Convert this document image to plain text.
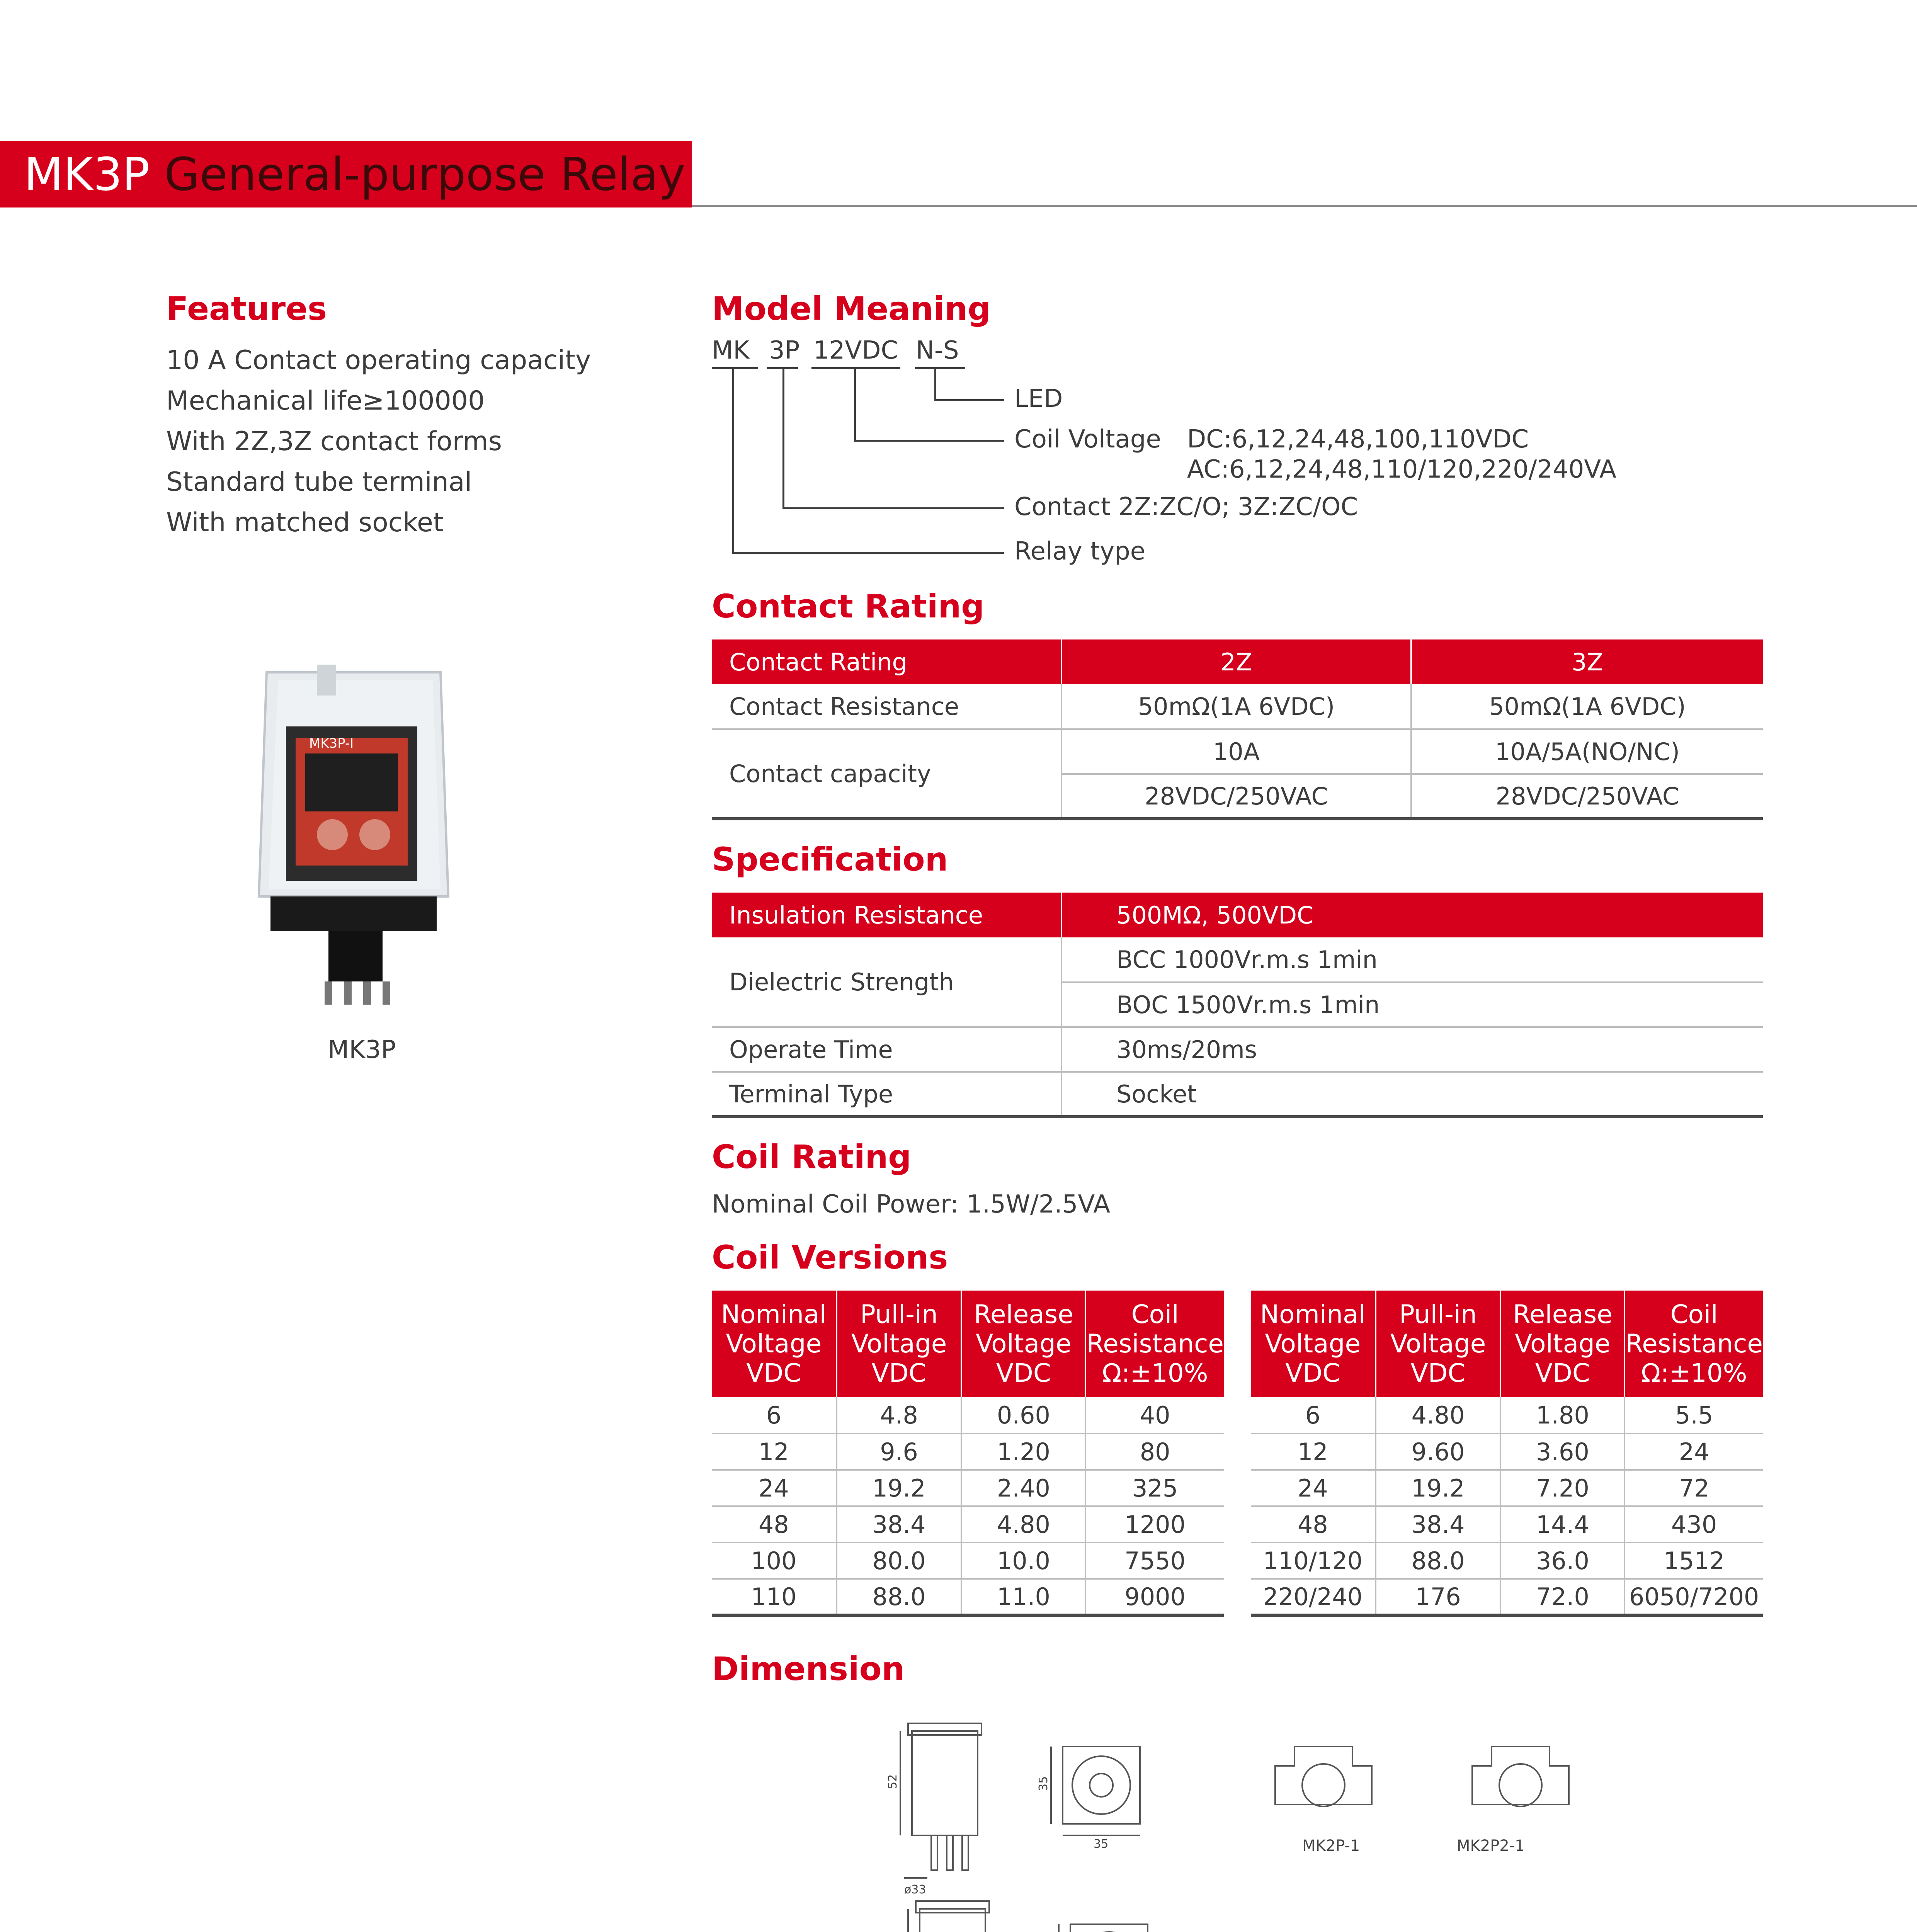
MK3P General-purpose Relay
Features
10 A Contact operating capacity
Mechanical life≥100000
With 2Z,3Z contact forms
Standard tube terminal
With matched socket
MK3P-I
MK3P
Model Meaning
MK 3P 12VDC N-S
LED
Coil Voltage DC:6,12,24,48,100,110VDC
AC:6,12,24,48,110/120,220/240VA
Contact 2Z:ZC/O; 3Z:ZC/OC
Relay type
Contact Rating
Contact Rating	2Z	3Z
Contact Resistance	50mΩ(1A 6VDC)	50mΩ(1A 6VDC)
Contact capacity	10A	10A/5A(NO/NC)
	28VDC/250VAC	28VDC/250VAC
Specification
Insulation Resistance	500MΩ, 500VDC
Dielectric Strength	BCC 1000Vr.m.s 1min
	BOC 1500Vr.m.s 1min
Operate Time	30ms/20ms
Terminal Type	Socket
Coil Rating
Nominal Coil Power: 1.5W/2.5VA
Coil Versions
Nominal
Voltage
VDC	Pull-in
Voltage
VDC	Release
Voltage
VDC	Coil
Resistance
Ω:±10%
6	4.8	0.60	40
12	9.6	1.20	80
24	19.2	2.40	325
48	38.4	4.80	1200
100	80.0	10.0	7550
110	88.0	11.0	9000
Nominal
Voltage
VDC	Pull-in
Voltage
VDC	Release
Voltage
VDC	Coil
Resistance
Ω:±10%
6	4.80	1.80	5.5
12	9.60	3.60	24
24	19.2	7.20	72
48	38.4	14.4	430
110/120	88.0	36.0	1512
220/240	176	72.0	6050/7200
Dimension
52
ø33
35
35	MK2P-1	MK2P2-1
